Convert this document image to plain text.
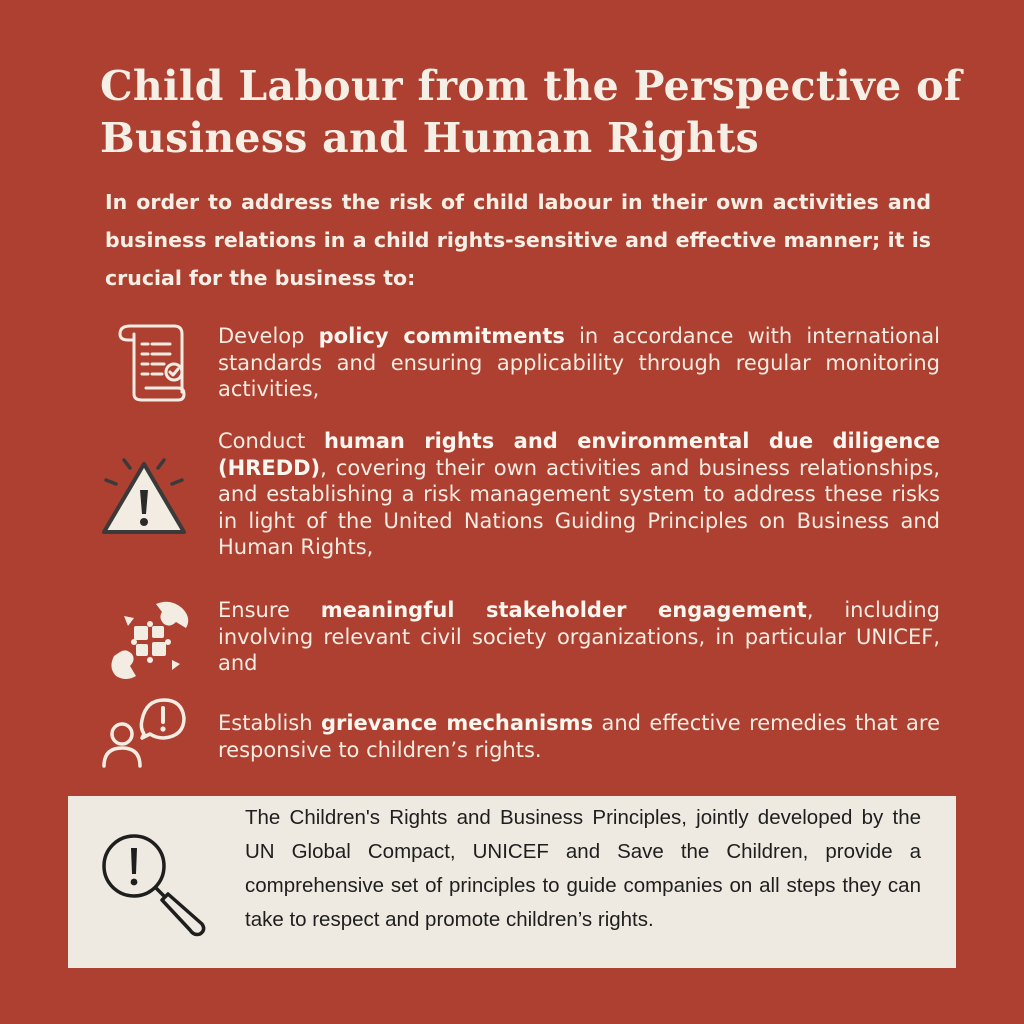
Child Labour from the Perspective of Business and Human Rights
In order to address the risk of child labour in their own activities and business relations in a child rights-sensitive and effective manner; it is crucial for the business to:
Develop policy commitments in accordance with international standards and ensuring applicability through regular monitoring activities,
Conduct human rights and environmental due diligence (HREDD), covering their own activities and business relationships, and establishing a risk management system to address these risks in light of the United Nations Guiding Principles on Business and Human Rights,
Ensure meaningful stakeholder engagement, including involving relevant civil society organizations, in particular UNICEF, and
Establish grievance mechanisms and effective remedies that are responsive to children’s rights.
The Children's Rights and Business Principles, jointly developed by the UN Global Compact, UNICEF and Save the Children, provide a comprehensive set of principles to guide companies on all steps they can take to respect and promote children’s rights.
